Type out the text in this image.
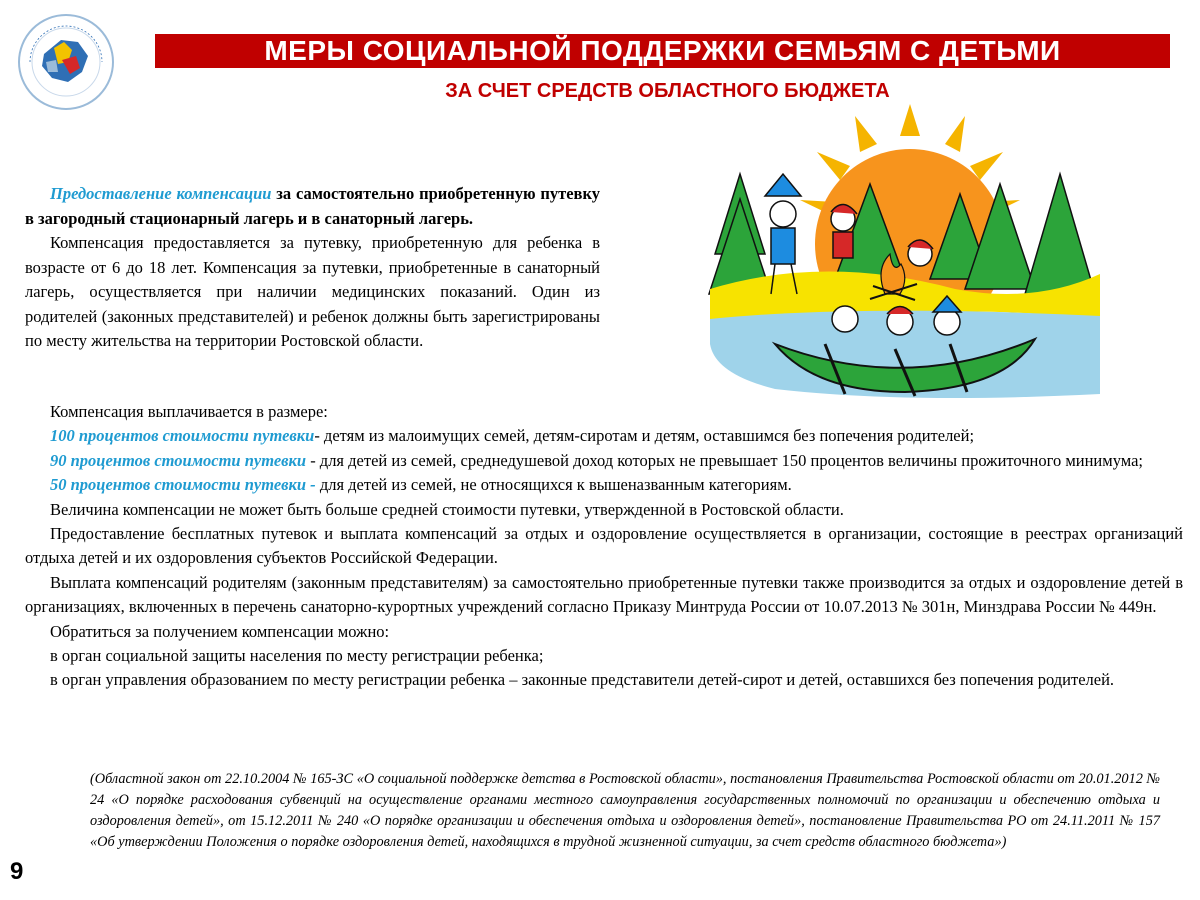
МЕРЫ СОЦИАЛЬНОЙ ПОДДЕРЖКИ СЕМЬЯМ С ДЕТЬМИ
ЗА СЧЕТ СРЕДСТВ ОБЛАСТНОГО БЮДЖЕТА

Предоставление компенсации за самостоятельно приобретенную путевку в загородный стационарный лагерь и в санаторный лагерь.

Компенсация предоставляется за путевку, приобретенную для ребенка в возрасте от 6 до 18 лет. Компенсация за путевки, приобретенные в санаторный лагерь, осуществляется при наличии медицинских показаний. Один из родителей (законных представителей) и ребенок должны быть зарегистрированы по месту жительства на территории Ростовской области.

Компенсация выплачивается в размере:

100 процентов стоимости путевки- детям из малоимущих семей, детям-сиротам и детям, оставшимся без попечения родителей;

90 процентов стоимости путевки - для детей из семей, среднедушевой доход которых не превышает 150 процентов величины прожиточного минимума;

50 процентов стоимости путевки - для детей из семей, не относящихся к вышеназванным категориям.

Величина компенсации не может быть больше средней стоимости путевки, утвержденной в Ростовской области.

Предоставление бесплатных путевок и выплата компенсаций за отдых и оздоровление осуществляется в организации, состоящие в реестрах организаций отдыха детей и их оздоровления субъектов Российской Федерации.

Выплата компенсаций родителям (законным представителям) за самостоятельно приобретенные путевки также производится за отдых и оздоровление детей в организациях, включенных в перечень санаторно-курортных учреждений согласно Приказу Минтруда России от 10.07.2013 № 301н, Минздрава России № 449н.

Обратиться за получением компенсации можно:

в орган социальной защиты населения по месту регистрации ребенка;

в орган управления образованием по месту регистрации ребенка – законные представители детей-сирот и детей, оставшихся без попечения родителей.

(Областной закон от 22.10.2004 № 165-ЗС «О социальной поддержке детства в Ростовской области», постановления Правительства Ростовской области от 20.01.2012 № 24 «О порядке расходования субвенций на осуществление органами местного самоуправления государственных полномочий по организации и обеспечению отдыха и оздоровления детей», от 15.12.2011 № 240 «О порядке организации и обеспечения отдыха и оздоровления детей», постановление Правительства РО от 24.11.2011 № 157 «Об утверждении Положения о порядке оздоровления детей, находящихся в трудной жизненной ситуации, за счет средств областного бюджета»)
9
